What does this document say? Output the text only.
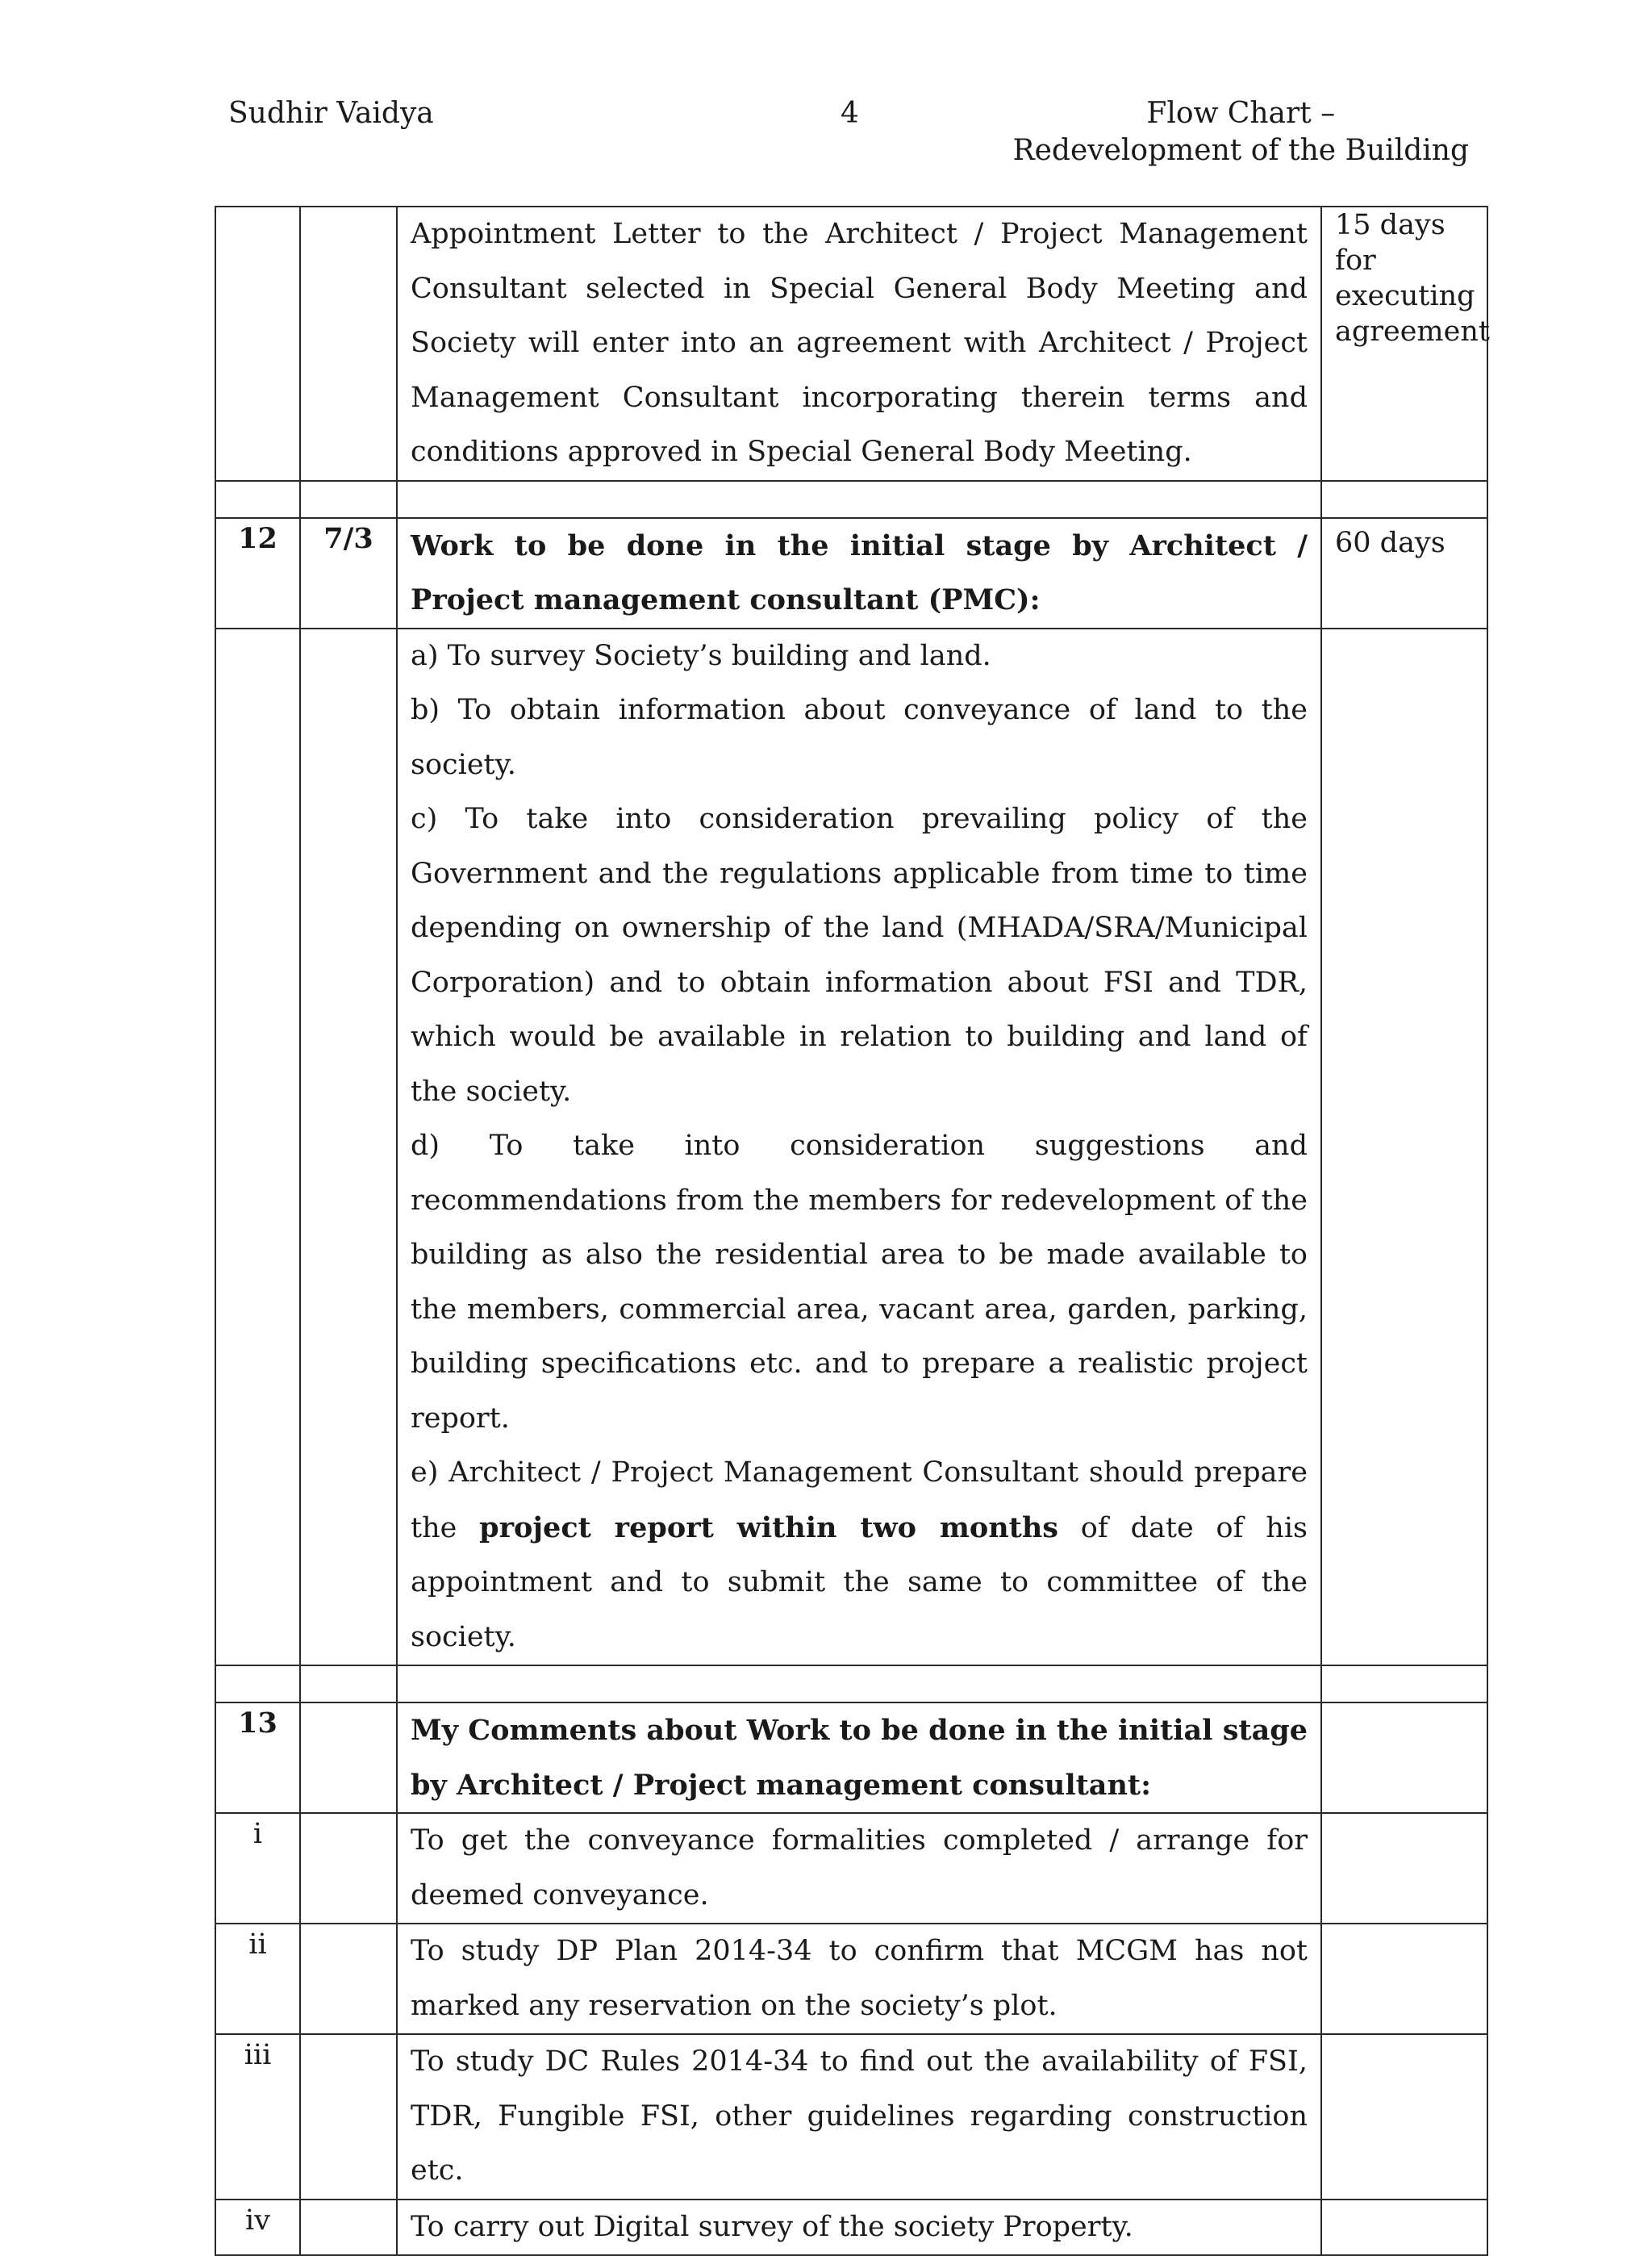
Sudhir Vaidya	4	Flow Chart –
Redevelopment of the Building

		Appointment Letter to the Architect / Project Management Consultant selected in Special General Body Meeting and Society will enter into an agreement with Architect / Project Management Consultant incorporating therein terms and conditions approved in Special General Body Meeting.	15 days for executing agreement

12	7/3	Work to be done in the initial stage by Architect / Project management consultant (PMC):	60 days

		a) To survey Society’s building and land.

b) To obtain information about conveyance of land to the society.

c) To take into consideration prevailing policy of the Government and the regulations applicable from time to time depending on ownership of the land (MHADA/SRA/Municipal Corporation) and to obtain information about FSI and TDR, which would be available in relation to building and land of the society.

d) To take into consideration suggestions and recommendations from the members for redevelopment of the building as also the residential area to be made available to the members, commercial area, vacant area, garden, parking, building specifications etc. and to prepare a realistic project report.

e) Architect / Project Management Consultant should prepare the project report within two months of date of his appointment and to submit the same to committee of the society.	

13		My Comments about Work to be done in the initial stage by Architect / Project management consultant:	

i		To get the conveyance formalities completed / arrange for deemed conveyance.	

ii		To study DP Plan 2014-34 to confirm that MCGM has not marked any reservation on the society’s plot.	

iii		To study DC Rules 2014-34 to find out the availability of FSI, TDR, Fungible FSI, other guidelines regarding construction etc.	

iv		To carry out Digital survey of the society Property.	
